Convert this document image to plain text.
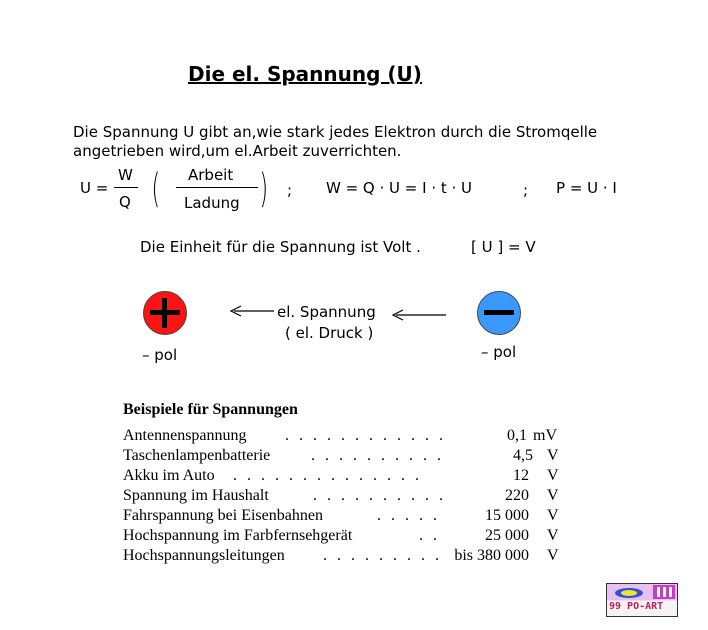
Die el. Spannung (U)
Die Spannung U gibt an,wie stark jedes Elektron durch die Stromqelle
angetrieben wird,um el.Arbeit zuverrichten.
U =
W
Q ( Arbeit
Ladung ) ; W = Q · U = I · t · U	; P = U · I
Die Einheit für die Spannung ist Volt .	[ U ] = V
– pol	– pol
el. Spannung
( el. Druck )
Beispiele für Spannungen
Antennenspannung . . . . . . . . . . . .	0,1 mV
Taschenlampenbatterie	. . . . . . . . . .	4,5 V
Akku im Auto . . . . . . . . . . . . . .	12 V
Spannung im Haushalt	. . . . . . . . . .	220 V
Fahrspannung bei Eisenbahnen	. . . . .	15 000 V
Hochspannung im Farbfernsehgerät	. .	25 000 V
Hochspannungsleitungen . . . . . . . . . bis 380 000 V
99 PO-ART
